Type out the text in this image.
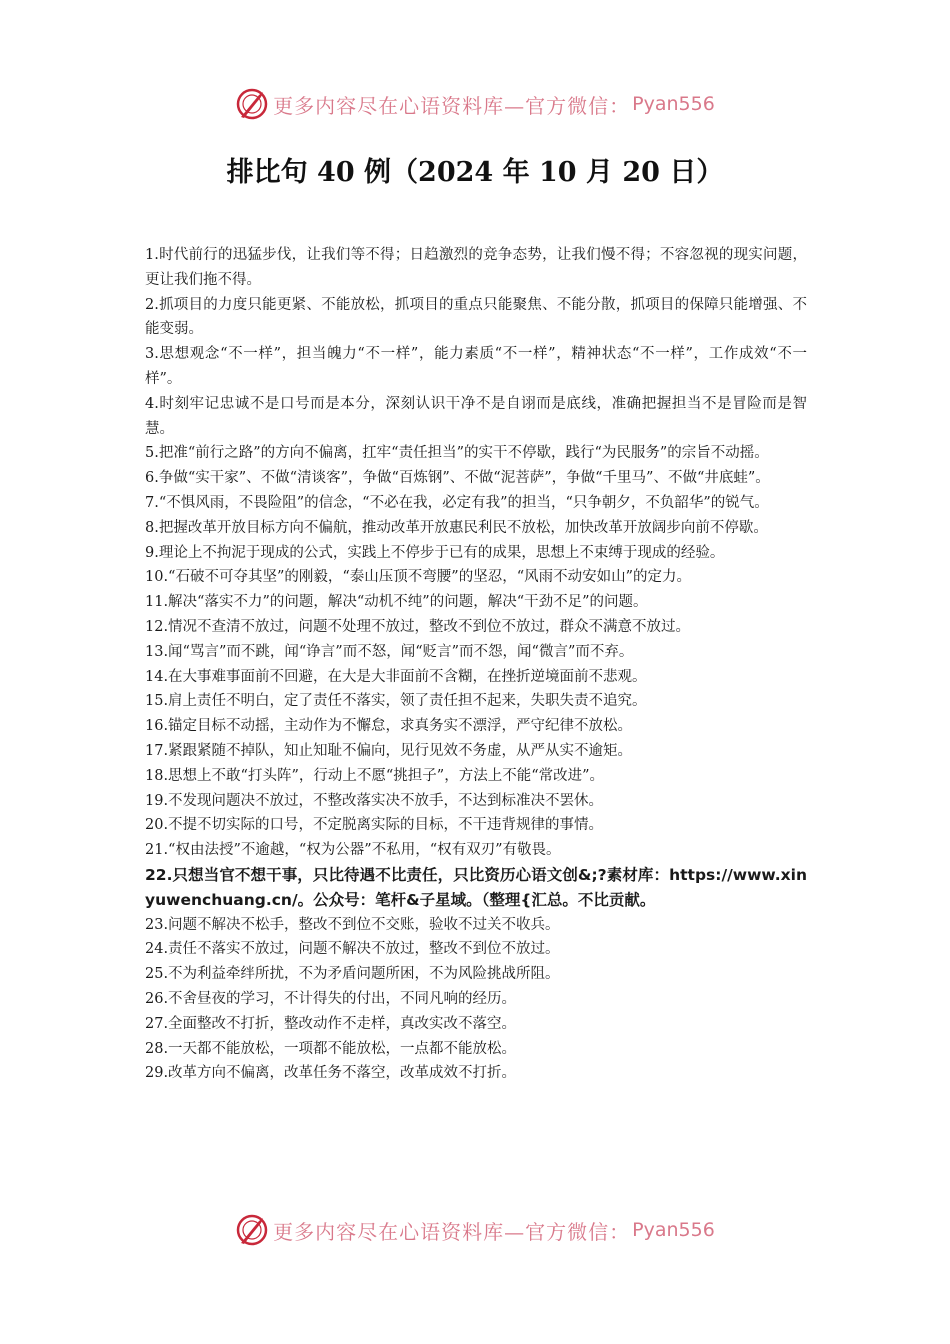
更多内容尽在心语资料库—官方微信： Pyan556
排比句 40 例（2024 年 10 月 20 日）
1.时代前行的迅猛步伐，让我们等不得；日趋激烈的竞争态势，让我们慢不得；不容忽视的现实问题，更让我们拖不得。
2.抓项目的力度只能更紧、不能放松，抓项目的重点只能聚焦、不能分散，抓项目的保障只能增强、不能变弱。
3.思想观念“不一样”，担当魄力“不一样”，能力素质“不一样”，精神状态“不一样”，工作成效“不一样”。
4.时刻牢记忠诚不是口号而是本分，深刻认识干净不是自诩而是底线，准确把握担当不是冒险而是智慧。
5.把准“前行之路”的方向不偏离，扛牢“责任担当”的实干不停歇，践行“为民服务”的宗旨不动摇。
6.争做“实干家”、不做“清谈客”，争做“百炼钢”、不做“泥菩萨”，争做“千里马”、不做“井底蛙”。
7.“不惧风雨，不畏险阻”的信念，“不必在我，必定有我”的担当，“只争朝夕，不负韶华”的锐气。
8.把握改革开放目标方向不偏航，推动改革开放惠民利民不放松，加快改革开放阔步向前不停歇。
9.理论上不拘泥于现成的公式，实践上不停步于已有的成果，思想上不束缚于现成的经验。
10.“石破不可夺其坚”的刚毅，“泰山压顶不弯腰”的坚忍，“风雨不动安如山”的定力。
11.解决“落实不力”的问题，解决“动机不纯”的问题，解决“干劲不足”的问题。
12.情况不查清不放过，问题不处理不放过，整改不到位不放过，群众不满意不放过。
13.闻“骂言”而不跳，闻“诤言”而不怒，闻“贬言”而不怨，闻“微言”而不弃。
14.在大事难事面前不回避，在大是大非面前不含糊，在挫折逆境面前不悲观。
15.肩上责任不明白，定了责任不落实，领了责任担不起来，失职失责不追究。
16.锚定目标不动摇，主动作为不懈怠，求真务实不漂浮，严守纪律不放松。
17.紧跟紧随不掉队，知止知耻不偏向，见行见效不务虚，从严从实不逾矩。
18.思想上不敢“打头阵”，行动上不愿“挑担子”，方法上不能“常改进”。
19.不发现问题决不放过，不整改落实决不放手，不达到标准决不罢休。
20.不提不切实际的口号，不定脱离实际的目标，不干违背规律的事情。
21.“权由法授”不逾越，“权为公器”不私用，“权有双刃”有敬畏。
22.只想当官不想干事，只比待遇不比责任，只比资历心语文创&;?素材库：https://www.xinyuwenchuang.cn/。公众号：笔杆&子星域。（整理{汇总。不比贡献。
23.问题不解决不松手，整改不到位不交账，验收不过关不收兵。
24.责任不落实不放过，问题不解决不放过，整改不到位不放过。
25.不为利益牵绊所扰，不为矛盾问题所困，不为风险挑战所阻。
26.不舍昼夜的学习，不计得失的付出，不同凡响的经历。
27.全面整改不打折，整改动作不走样，真改实改不落空。
28.一天都不能放松，一项都不能放松，一点都不能放松。
29.改革方向不偏离，改革任务不落空，改革成效不打折。
更多内容尽在心语资料库—官方微信： Pyan556
